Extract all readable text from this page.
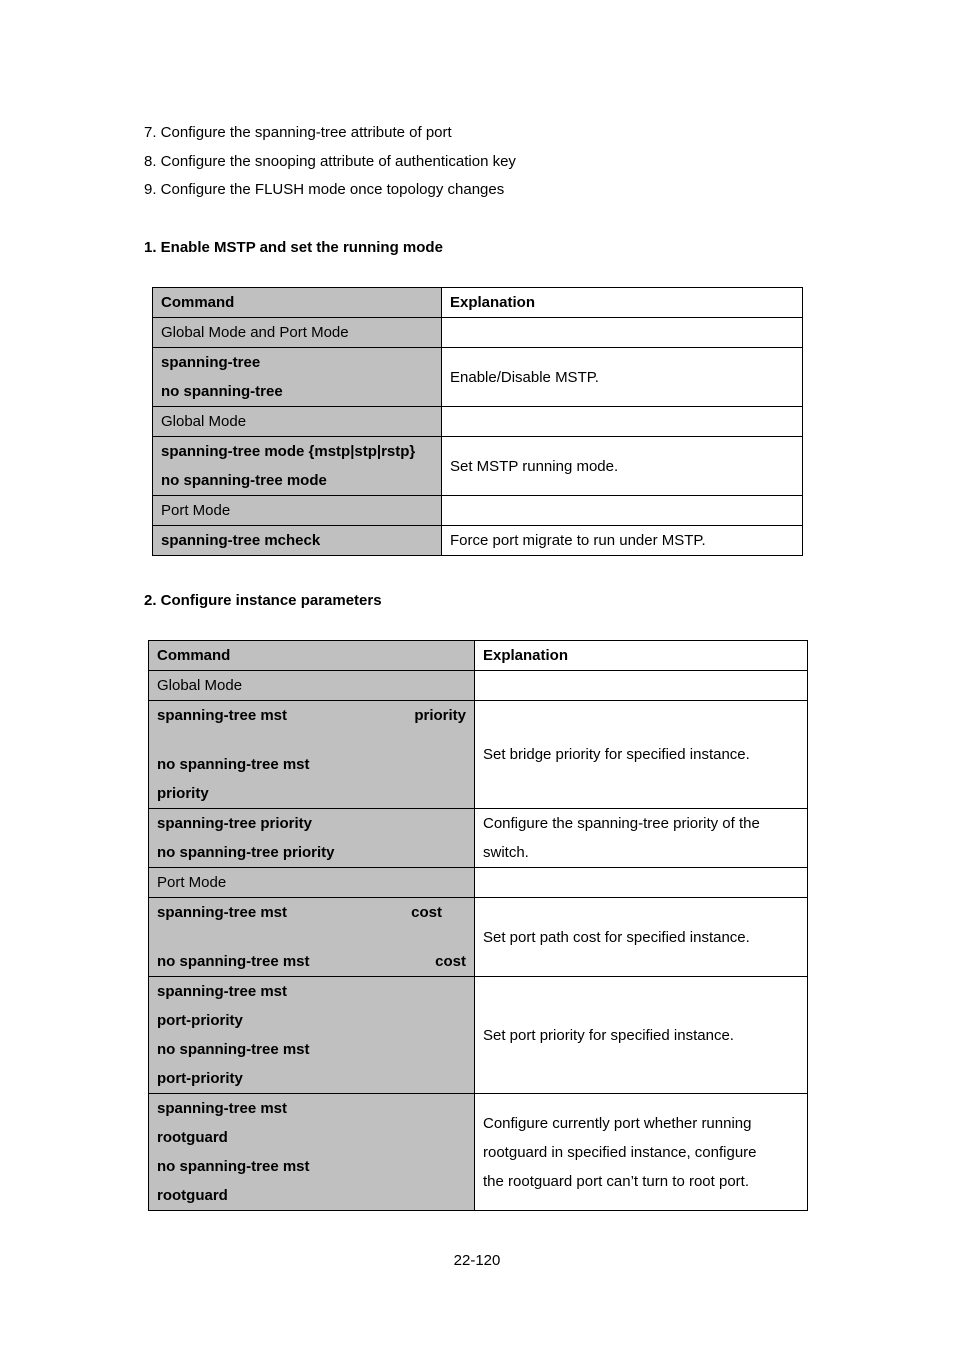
7. Configure the spanning-tree attribute of port
8. Configure the snooping attribute of authentication key
9. Configure the FLUSH mode once topology changes
1. Enable MSTP and set the running mode
Command	Explanation
Global Mode and Port Mode	

spanning-tree
no spanning-tree	Enable/Disable MSTP.
Global Mode	

spanning-tree mode {mstp|stp|rstp}
no spanning-tree mode	Set MSTP running mode.
Port Mode	

spanning-tree mcheck	Force port migrate to run under MSTP.
2. Configure instance parameters
Command	Explanation
Global Mode	

spanning-tree mst priority
no spanning-tree mst
priority	Set bridge priority for specified instance.

spanning-tree priority
no spanning-tree priority	Configure the spanning-tree priority of the
switch.

Port Mode	

spanning-tree mst cost
no spanning-tree mst cost	Set port path cost for specified instance.

spanning-tree mst
port-priority
no spanning-tree mst
port-priority	Set port priority for specified instance.

spanning-tree mst
rootguard
no spanning-tree mst
rootguard	Configure currently port whether running
rootguard in specified instance, configure
the rootguard port can’t turn to root port.
22-120
